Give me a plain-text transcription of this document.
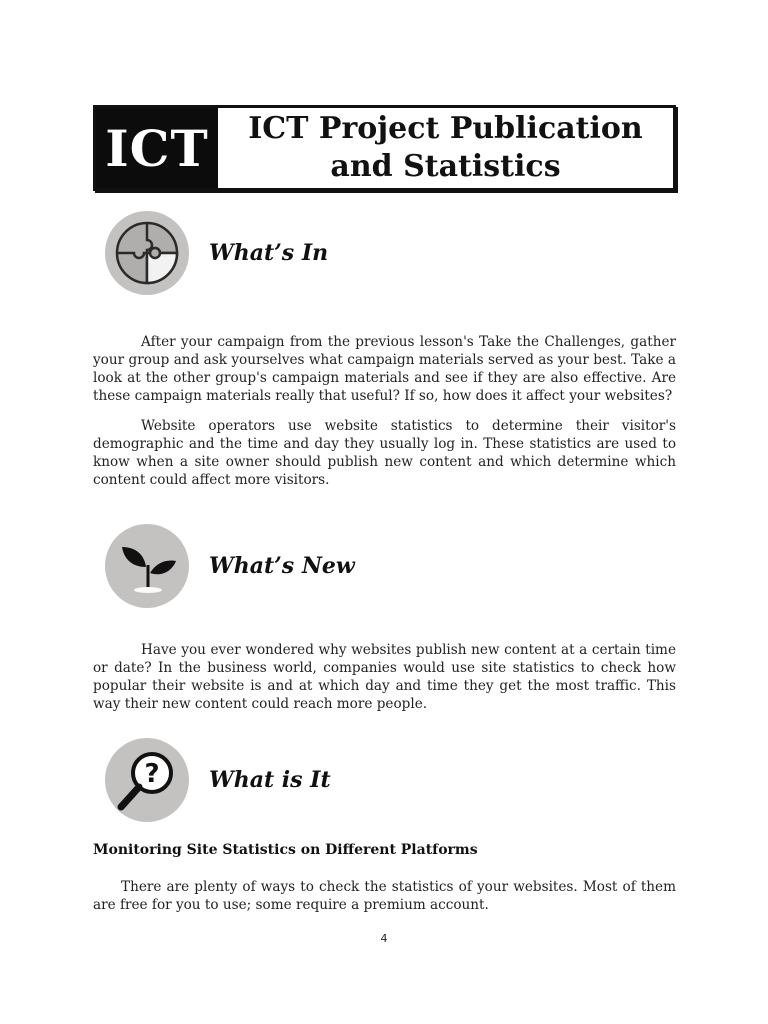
ICT	ICT Project Publication
and Statistics
What’s In

After your campaign from the previous lesson's Take the Challenges, gather your group and ask yourselves what campaign materials served as your best. Take a look at the other group's campaign materials and see if they are also effective. Are these campaign materials really that useful? If so, how does it affect your websites?

Website operators use website statistics to determine their visitor's demographic and the time and day they usually log in. These statistics are used to know when a site owner should publish new content and which determine which content could affect more visitors.

What’s New

Have you ever wondered why websites publish new content at a certain time or date? In the business world, companies would use site statistics to check how popular their website is and at which day and time they get the most traffic. This way their new content could reach more people.

? What is It

Monitoring Site Statistics on Different Platforms

There are plenty of ways to check the statistics of your websites. Most of them are free for you to use; some require a premium account.

4
